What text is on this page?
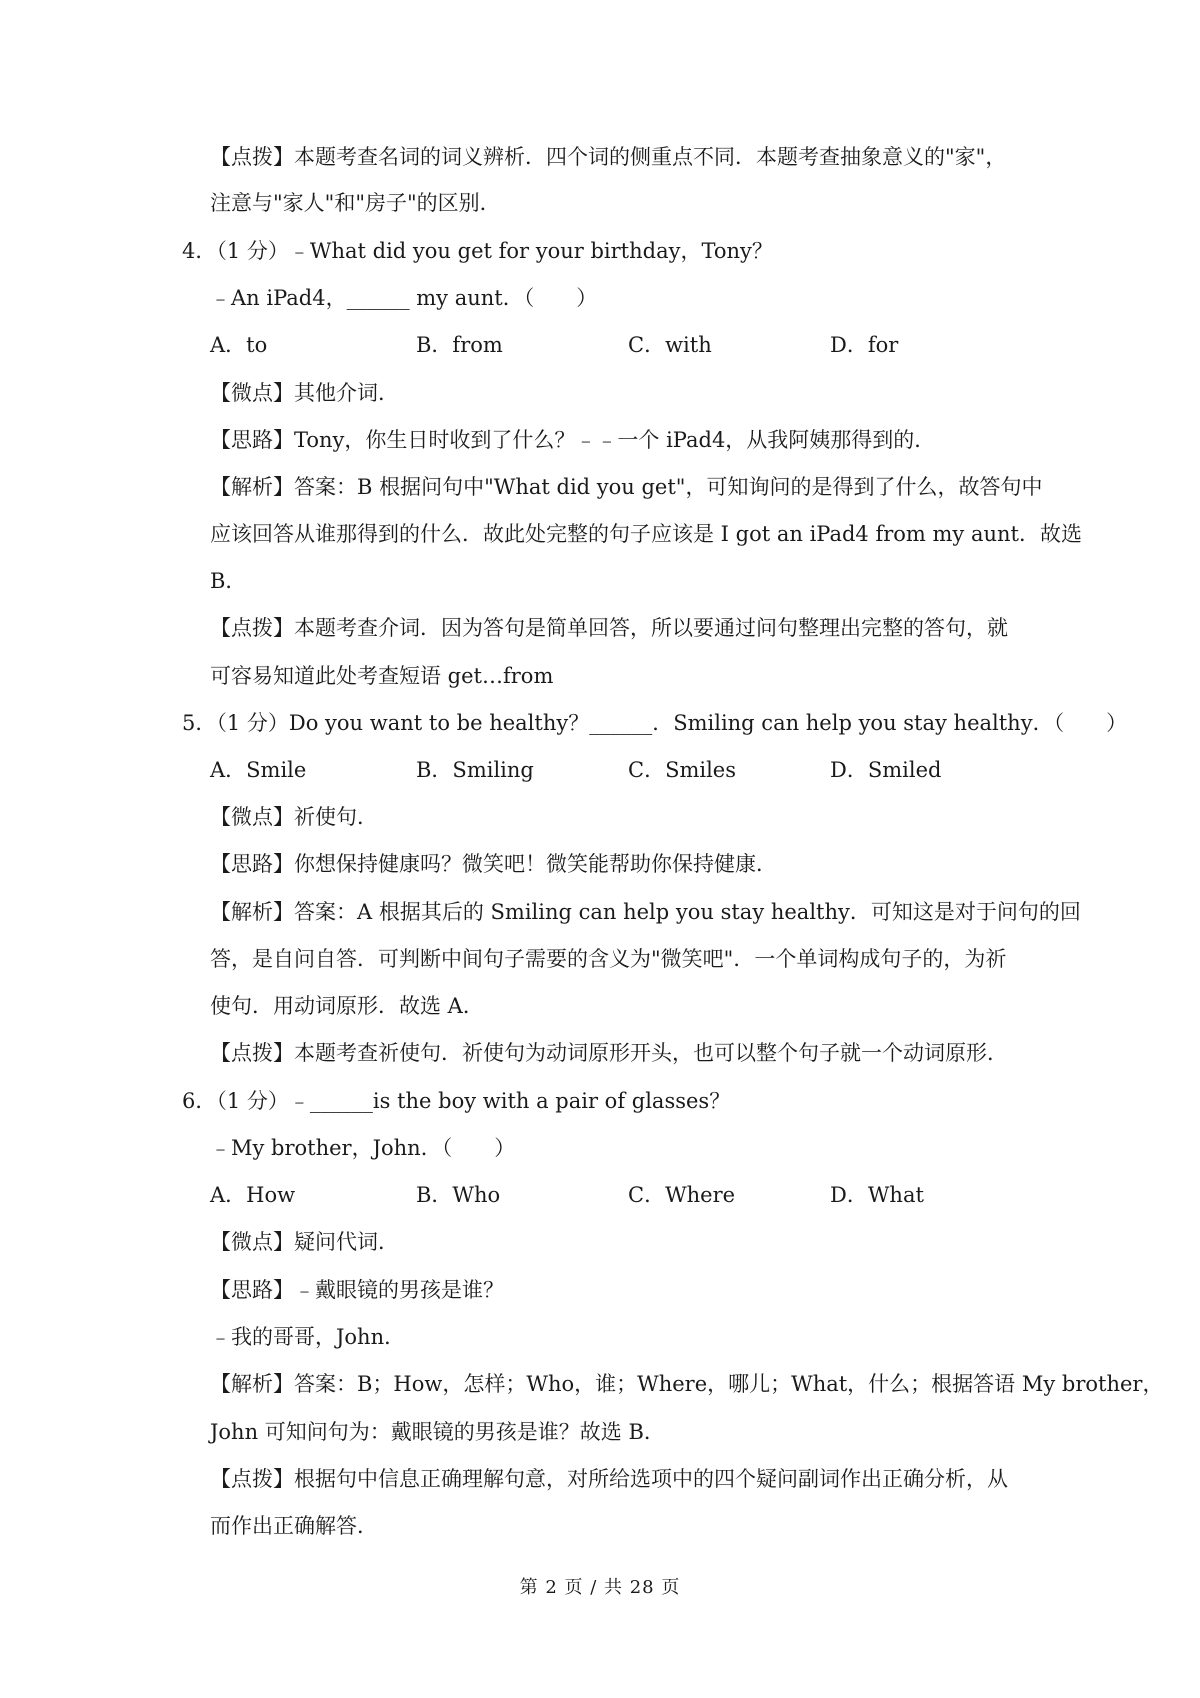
【点拨】本题考查名词的词义辨析．四个词的侧重点不同．本题考查抽象意义的"家"，
注意与"家人"和"房子"的区别．
4．（1 分）﹣What did you get for your birthday，Tony？
﹣An iPad4，______ my aunt．（　　）
A．to	B．from	C．with	D．for
【微点】其他介词．
【思路】Tony，你生日时收到了什么？﹣﹣一个 iPad4，从我阿姨那得到的．
【解析】答案：B 根据问句中"What did you get"，可知询问的是得到了什么，故答句中
应该回答从谁那得到的什么．故此处完整的句子应该是 I got an iPad4 from my aunt．故选
B．
【点拨】本题考查介词．因为答句是简单回答，所以要通过问句整理出完整的答句，就
可容易知道此处考查短语 get…from
5．（1 分）Do you want to be healthy？______．Smiling can help you stay healthy．（　　）
A．Smile	B．Smiling	C．Smiles	D．Smiled
【微点】祈使句．
【思路】你想保持健康吗？微笑吧！微笑能帮助你保持健康．
【解析】答案：A 根据其后的 Smiling can help you stay healthy．可知这是对于问句的回
答，是自问自答．可判断中间句子需要的含义为"微笑吧"．一个单词构成句子的，为祈
使句．用动词原形．故选 A．
【点拨】本题考查祈使句．祈使句为动词原形开头，也可以整个句子就一个动词原形．
6．（1 分）﹣______is the boy with a pair of glasses？
﹣My brother，John．（　　）
A．How	B．Who	C．Where	D．What
【微点】疑问代词．
【思路】﹣戴眼镜的男孩是谁？
﹣我的哥哥，John．
【解析】答案：B；How，怎样；Who，谁；Where，哪儿；What，什么；根据答语 My brother，
John 可知问句为：戴眼镜的男孩是谁？故选 B．
【点拨】根据句中信息正确理解句意，对所给选项中的四个疑问副词作出正确分析，从
而作出正确解答．
第 2 页 / 共 28 页
